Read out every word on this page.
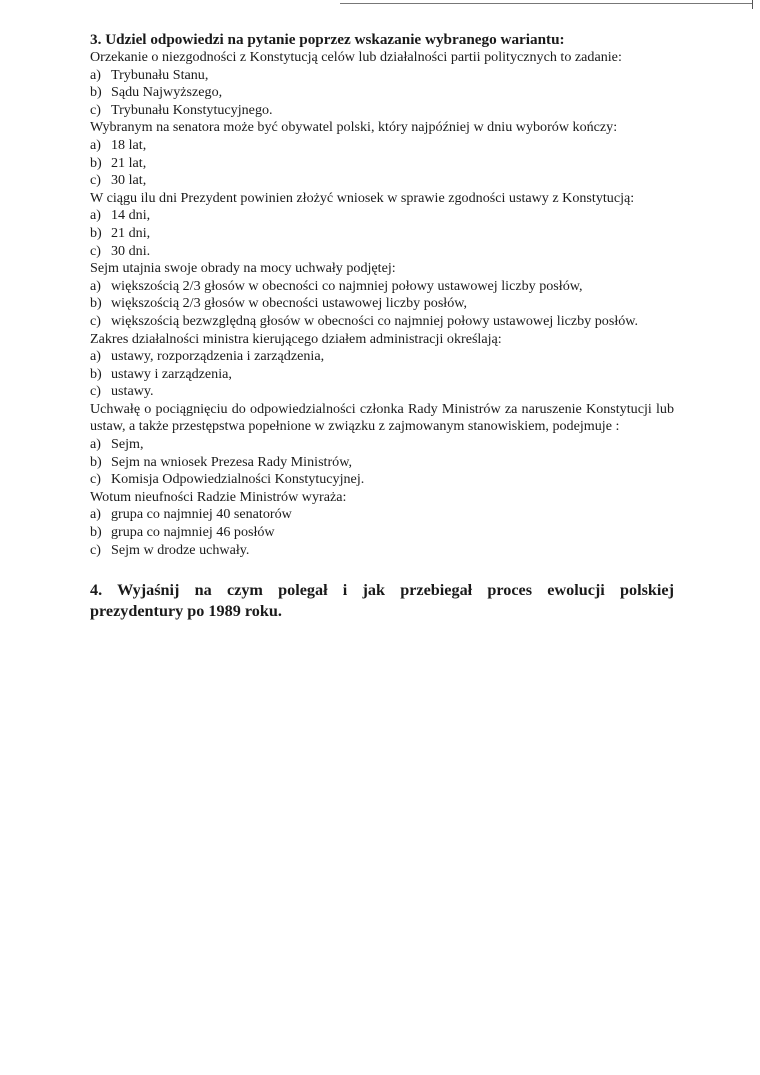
3. Udziel odpowiedzi na pytanie poprzez wskazanie wybranego wariantu:

Orzekanie o niezgodności z Konstytucją celów lub działalności partii politycznych to zadanie:

a) Trybunału Stanu,
b) Sądu Najwyższego,
c) Trybunału Konstytucyjnego.

Wybranym na senatora może być obywatel polski, który najpóźniej w dniu wyborów kończy:

a) 18 lat,
b) 21 lat,
c) 30 lat,

W ciągu ilu dni Prezydent powinien złożyć wniosek w sprawie zgodności ustawy z Konstytucją:

a) 14 dni,
b) 21 dni,
c) 30 dni.

Sejm utajnia swoje obrady na mocy uchwały podjętej:

a) większością 2/3 głosów w obecności co najmniej połowy ustawowej liczby posłów,
b) większością 2/3 głosów w obecności ustawowej liczby posłów,
c) większością bezwzględną głosów w obecności co najmniej połowy ustawowej liczby posłów.

Zakres działalności ministra kierującego działem administracji określają:

a) ustawy, rozporządzenia i zarządzenia,
b) ustawy i zarządzenia,
c) ustawy.

Uchwałę o pociągnięciu do odpowiedzialności członka Rady Ministrów za naruszenie Konstytucji lub ustaw, a także przestępstwa popełnione w związku z zajmowanym stanowiskiem, podejmuje :

a) Sejm,
b) Sejm na wniosek Prezesa Rady Ministrów,
c) Komisja Odpowiedzialności Konstytucyjnej.

Wotum nieufności Radzie Ministrów wyraża:

a) grupa co najmniej 40 senatorów
b) grupa co najmniej 46 posłów
c) Sejm w drodze uchwały.
4. Wyjaśnij na czym polegał i jak przebiegał proces ewolucji polskiej
prezydentury po 1989 roku.
